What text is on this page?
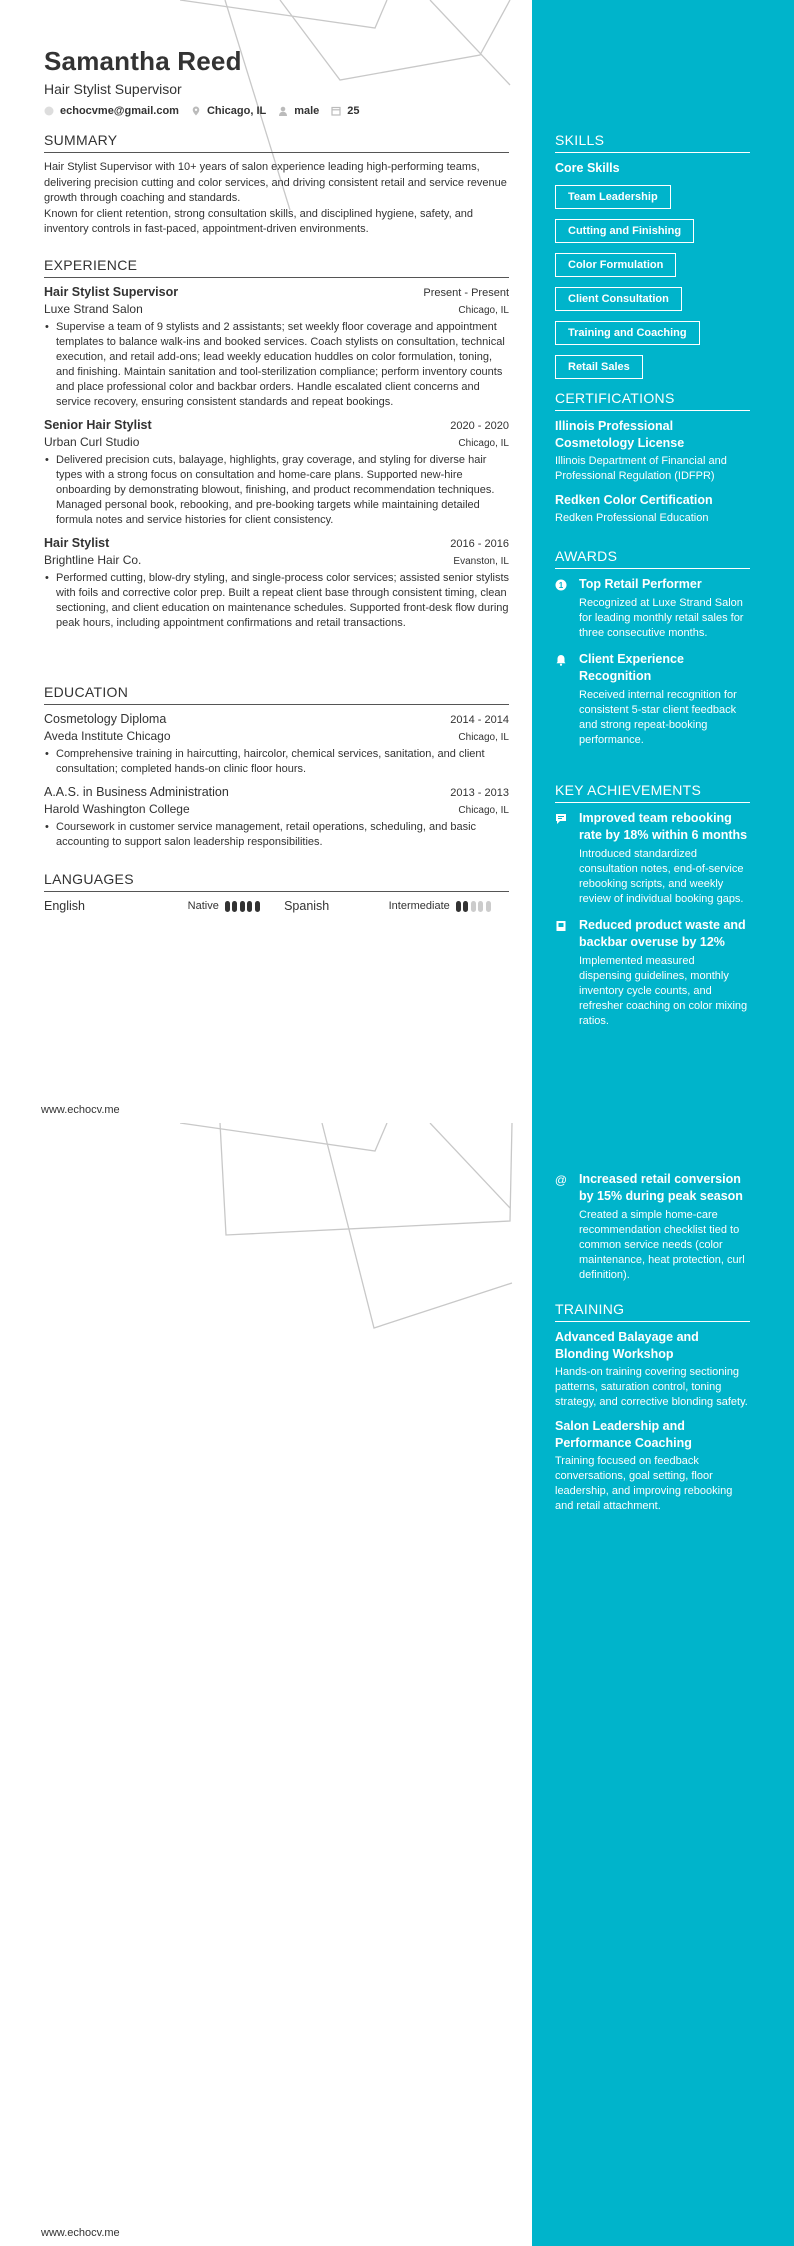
Samantha Reed
Hair Stylist Supervisor
echocvme@gmail.com	Chicago, IL	male	25
SUMMARY

Hair Stylist Supervisor with 10+ years of salon experience leading high-performing teams, delivering precision cutting and color services, and driving consistent retail and service revenue growth through coaching and standards.

Known for client retention, strong consultation skills, and disciplined hygiene, safety, and inventory controls in fast-paced, appointment-driven environments.

EXPERIENCE
Hair Stylist Supervisor	Present - Present
Luxe Strand Salon	Chicago, IL
• Supervise a team of 9 stylists and 2 assistants; set weekly floor coverage and appointment templates to balance walk-ins and booked services. Coach stylists on consultation, technical execution, and retail add-ons; lead weekly education huddles on color formulation, toning, and finishing. Maintain sanitation and tool-sterilization compliance; perform inventory counts and place professional color and backbar orders. Handle escalated client concerns and service recovery, ensuring consistent standards and repeat bookings.
Senior Hair Stylist	2020 - 2020
Urban Curl Studio	Chicago, IL
• Delivered precision cuts, balayage, highlights, gray coverage, and styling for diverse hair types with a strong focus on consultation and home-care plans. Supported new-hire onboarding by demonstrating blowout, finishing, and product recommendation techniques. Managed personal book, rebooking, and pre-booking targets while maintaining detailed formula notes and service histories for client consistency.
Hair Stylist	2016 - 2016
Brightline Hair Co.	Evanston, IL
• Performed cutting, blow-dry styling, and single-process color services; assisted senior stylists with foils and corrective color prep. Built a repeat client base through consistent timing, clean sectioning, and client education on maintenance schedules. Supported front-desk flow during peak hours, including appointment confirmations and retail transactions.
EDUCATION
Cosmetology Diploma	2014 - 2014
Aveda Institute Chicago	Chicago, IL
• Comprehensive training in haircutting, haircolor, chemical services, sanitation, and client consultation; completed hands-on clinic floor hours.
A.A.S. in Business Administration	2013 - 2013
Harold Washington College	Chicago, IL
• Coursework in customer service management, retail operations, scheduling, and basic accounting to support salon leadership responsibilities.
LANGUAGES
English	Native	Spanish	Intermediate
SKILLS
Core Skills
Team Leadership
Cutting and Finishing
Color Formulation
Client Consultation
Training and Coaching
Retail Sales
CERTIFICATIONS
Illinois Professional Cosmetology License
Illinois Department of Financial and Professional Regulation (IDFPR)
Redken Color Certification
Redken Professional Education
AWARDS
1 Top Retail Performer
Recognized at Luxe Strand Salon for leading monthly retail sales for three consecutive months.
Client Experience Recognition
Received internal recognition for consistent 5-star client feedback and strong repeat-booking performance.
KEY ACHIEVEMENTS
Improved team rebooking rate by 18% within 6 months
Introduced standardized consultation notes, end-of-service rebooking scripts, and weekly review of individual booking gaps.
Reduced product waste and backbar overuse by 12%
Implemented measured dispensing guidelines, monthly inventory cycle counts, and refresher coaching on color mixing ratios.
www.echocv.me
@ Increased retail conversion by 15% during peak season
Created a simple home-care recommendation checklist tied to common service needs (color maintenance, heat protection, curl definition).
TRAINING
Advanced Balayage and Blonding Workshop
Hands-on training covering sectioning patterns, saturation control, toning strategy, and corrective blonding safety.
Salon Leadership and Performance Coaching
Training focused on feedback conversations, goal setting, floor leadership, and improving rebooking and retail attachment.
www.echocv.me
